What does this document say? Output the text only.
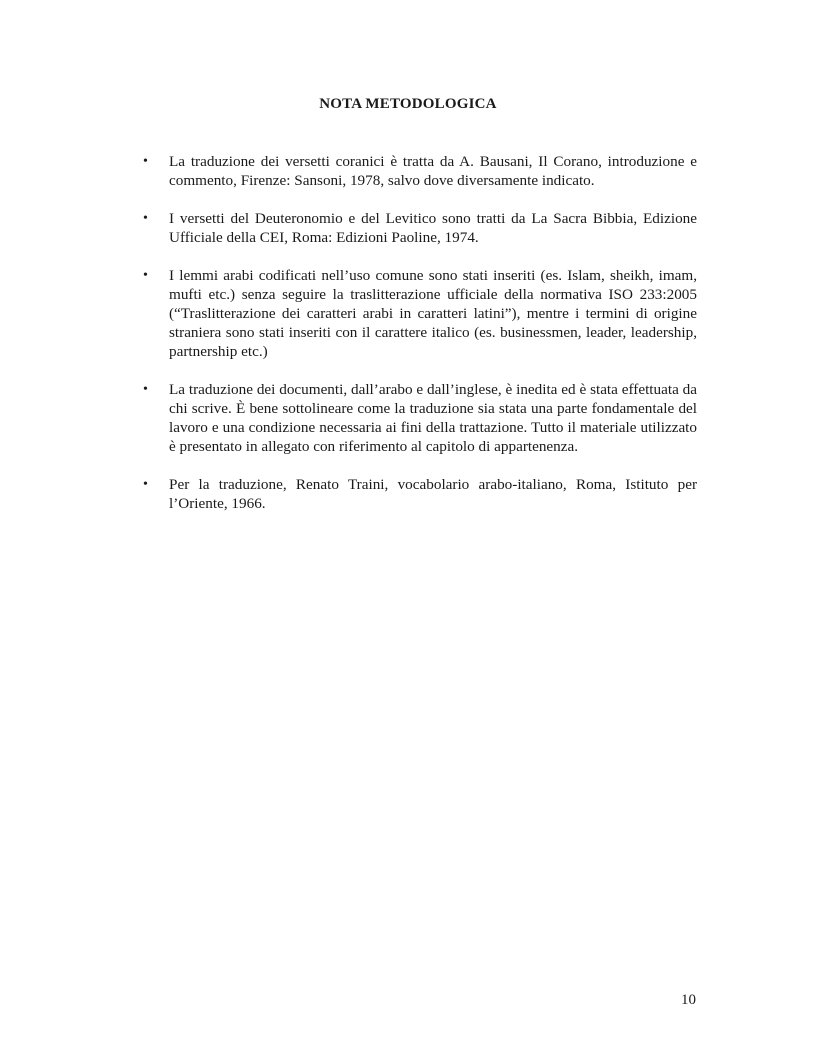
NOTA METODOLOGICA
• La traduzione dei versetti coranici è tratta da A. Bausani, Il Corano, introduzione e commento, Firenze: Sansoni, 1978, salvo dove diversamente indicato.
• I versetti del Deuteronomio e del Levitico sono tratti da La Sacra Bibbia, Edizione Ufficiale della CEI, Roma: Edizioni Paoline, 1974.
• I lemmi arabi codificati nell’uso comune sono stati inseriti (es. Islam, sheikh, imam, mufti etc.) senza seguire la traslitterazione ufficiale della normativa ISO 233:2005 (“Traslitterazione dei caratteri arabi in caratteri latini”), mentre i termini di origine straniera sono stati inseriti con il carattere italico (es. businessmen, leader, leadership, partnership etc.)
• La traduzione dei documenti, dall’arabo e dall’inglese, è inedita ed è stata effettuata da chi scrive. È bene sottolineare come la traduzione sia stata una parte fondamentale del lavoro e una condizione necessaria ai fini della trattazione. Tutto il materiale utilizzato è presentato in allegato con riferimento al capitolo di appartenenza.
• Per la traduzione, Renato Traini, vocabolario arabo-italiano, Roma, Istituto per l’Oriente, 1966.
10
